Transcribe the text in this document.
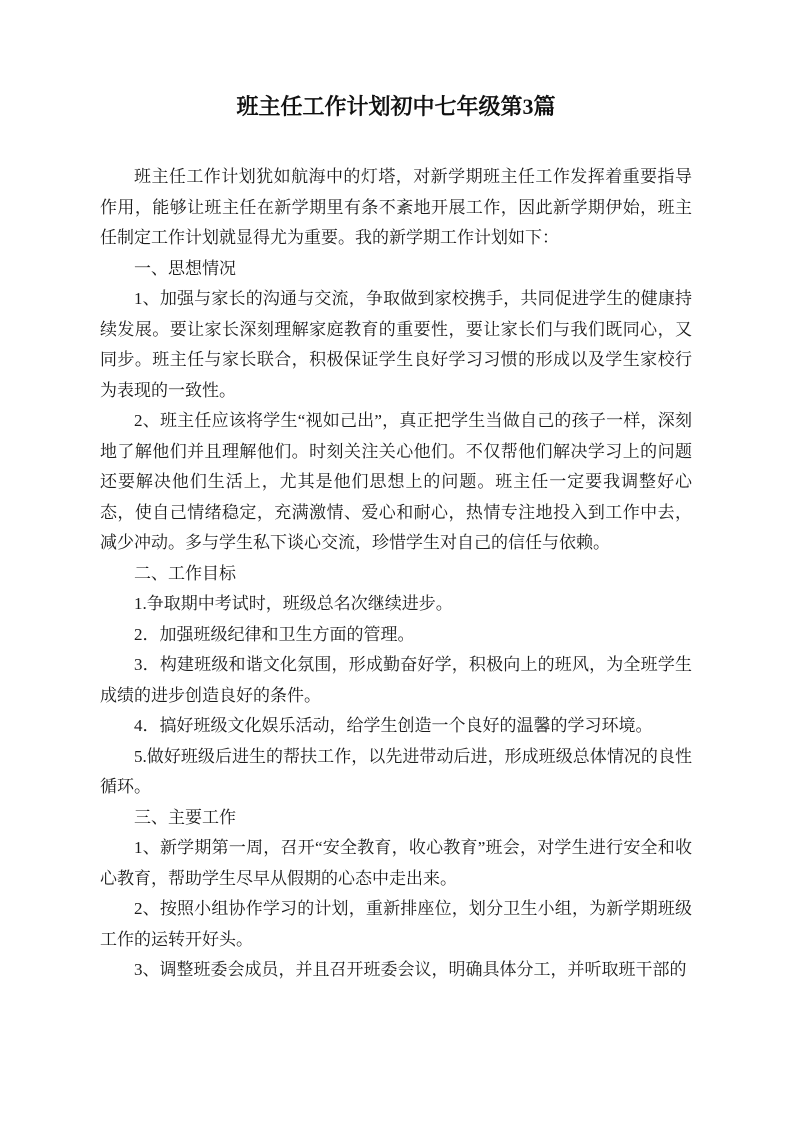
班主任工作计划初中七年级第3篇

班主任工作计划犹如航海中的灯塔，对新学期班主任工作发挥着重要指导作用，能够让班主任在新学期里有条不紊地开展工作，因此新学期伊始，班主任制定工作计划就显得尤为重要。我的新学期工作计划如下：

一、思想情况

1、加强与家长的沟通与交流，争取做到家校携手，共同促进学生的健康持续发展。要让家长深刻理解家庭教育的重要性，要让家长们与我们既同心，又同步。班主任与家长联合，积极保证学生良好学习习惯的形成以及学生家校行为表现的一致性。

2、班主任应该将学生“视如己出”，真正把学生当做自己的孩子一样，深刻地了解他们并且理解他们。时刻关注关心他们。不仅帮他们解决学习上的问题还要解决他们生活上，尤其是他们思想上的问题。班主任一定要我调整好心态，使自己情绪稳定，充满激情、爱心和耐心，热情专注地投入到工作中去，减少冲动。多与学生私下谈心交流，珍惜学生对自己的信任与依赖。

二、工作目标

1.争取期中考试时，班级总名次继续进步。

2．加强班级纪律和卫生方面的管理。

3．构建班级和谐文化氛围，形成勤奋好学，积极向上的班风，为全班学生成绩的进步创造良好的条件。

4．搞好班级文化娱乐活动，给学生创造一个良好的温馨的学习环境。

5.做好班级后进生的帮扶工作，以先进带动后进，形成班级总体情况的良性循环。

三、主要工作

1、新学期第一周，召开“安全教育，收心教育”班会，对学生进行安全和收心教育，帮助学生尽早从假期的心态中走出来。

2、按照小组协作学习的计划，重新排座位，划分卫生小组，为新学期班级工作的运转开好头。

3、调整班委会成员，并且召开班委会议，明确具体分工，并听取班干部的
